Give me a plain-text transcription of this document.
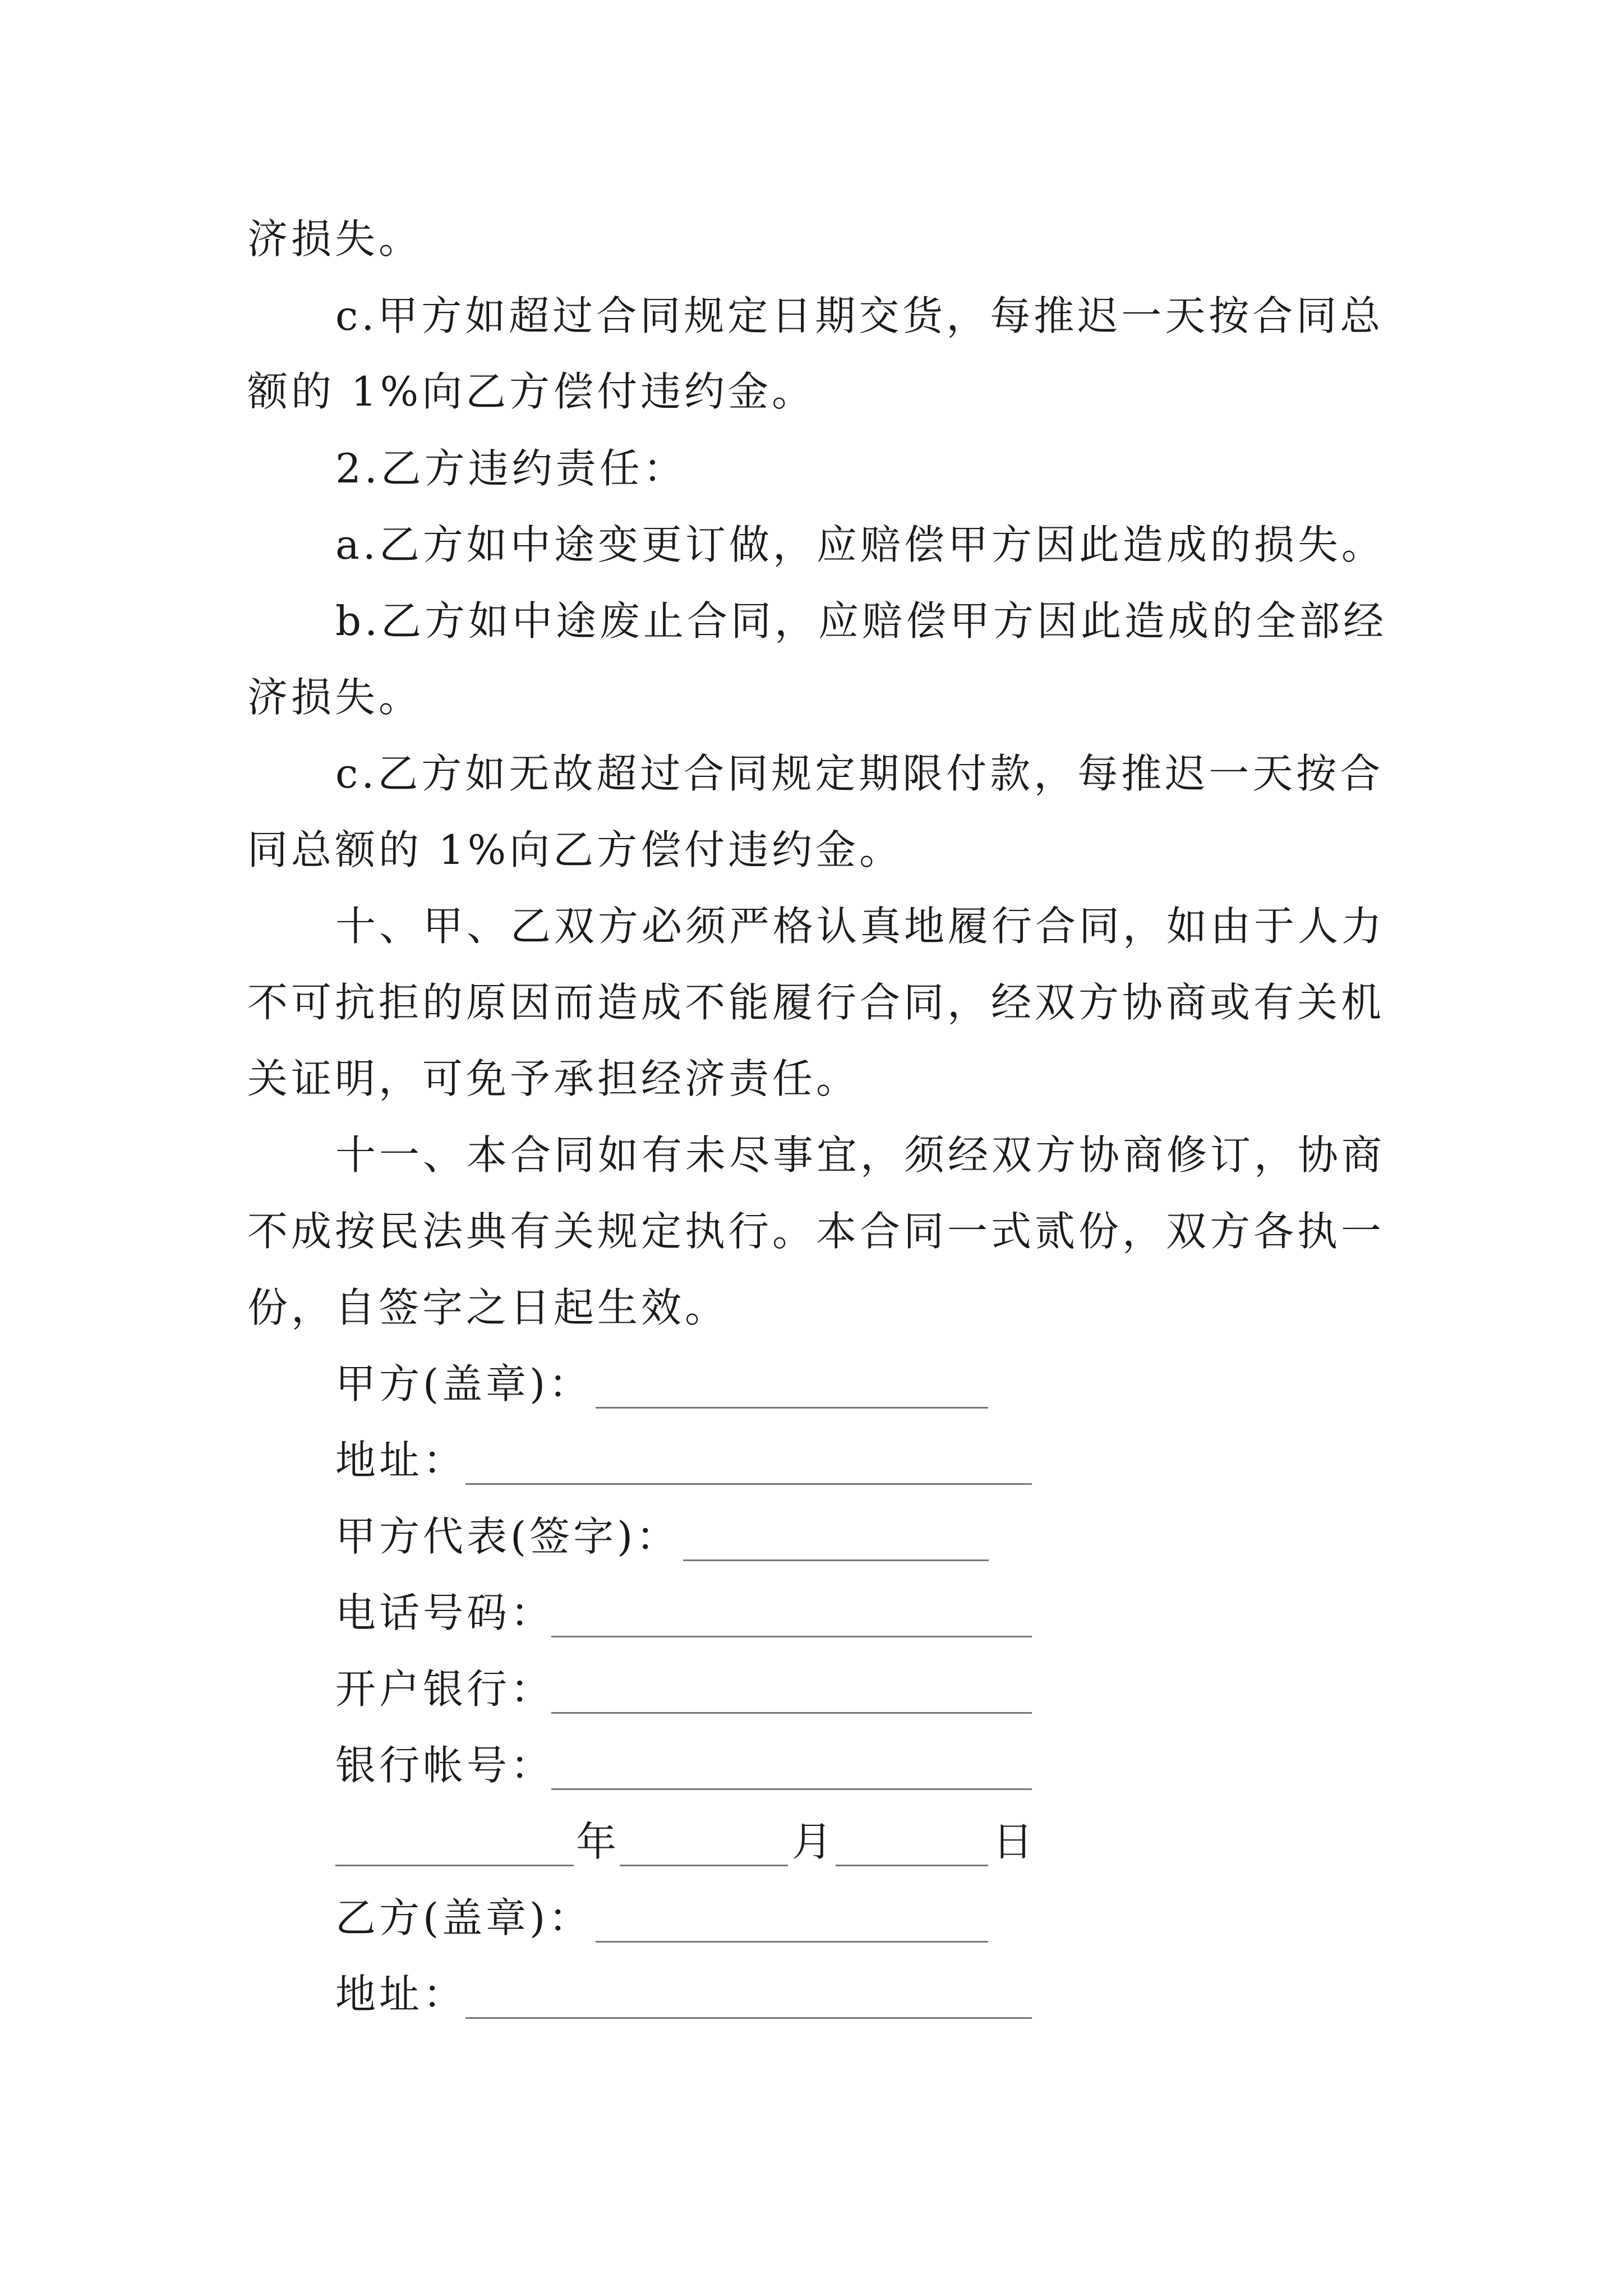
济损失。
c.甲方如超过合同规定日期交货，每推迟一天按合同总
额的 1%向乙方偿付违约金。
2.乙方违约责任：
a.乙方如中途变更订做，应赔偿甲方因此造成的损失。
b.乙方如中途废止合同，应赔偿甲方因此造成的全部经
济损失。
c.乙方如无故超过合同规定期限付款，每推迟一天按合
同总额的 1%向乙方偿付违约金。
十、甲、乙双方必须严格认真地履行合同，如由于人力
不可抗拒的原因而造成不能履行合同，经双方协商或有关机
关证明，可免予承担经济责任。
十一、本合同如有未尽事宜，须经双方协商修订，协商
不成按民法典有关规定执行。本合同一式贰份，双方各执一
份，自签字之日起生效。
甲方(盖章)：
地址：
甲方代表(签字)：
电话号码：
开户银行：
银行帐号：
年	月	日
乙方(盖章)：
地址：
